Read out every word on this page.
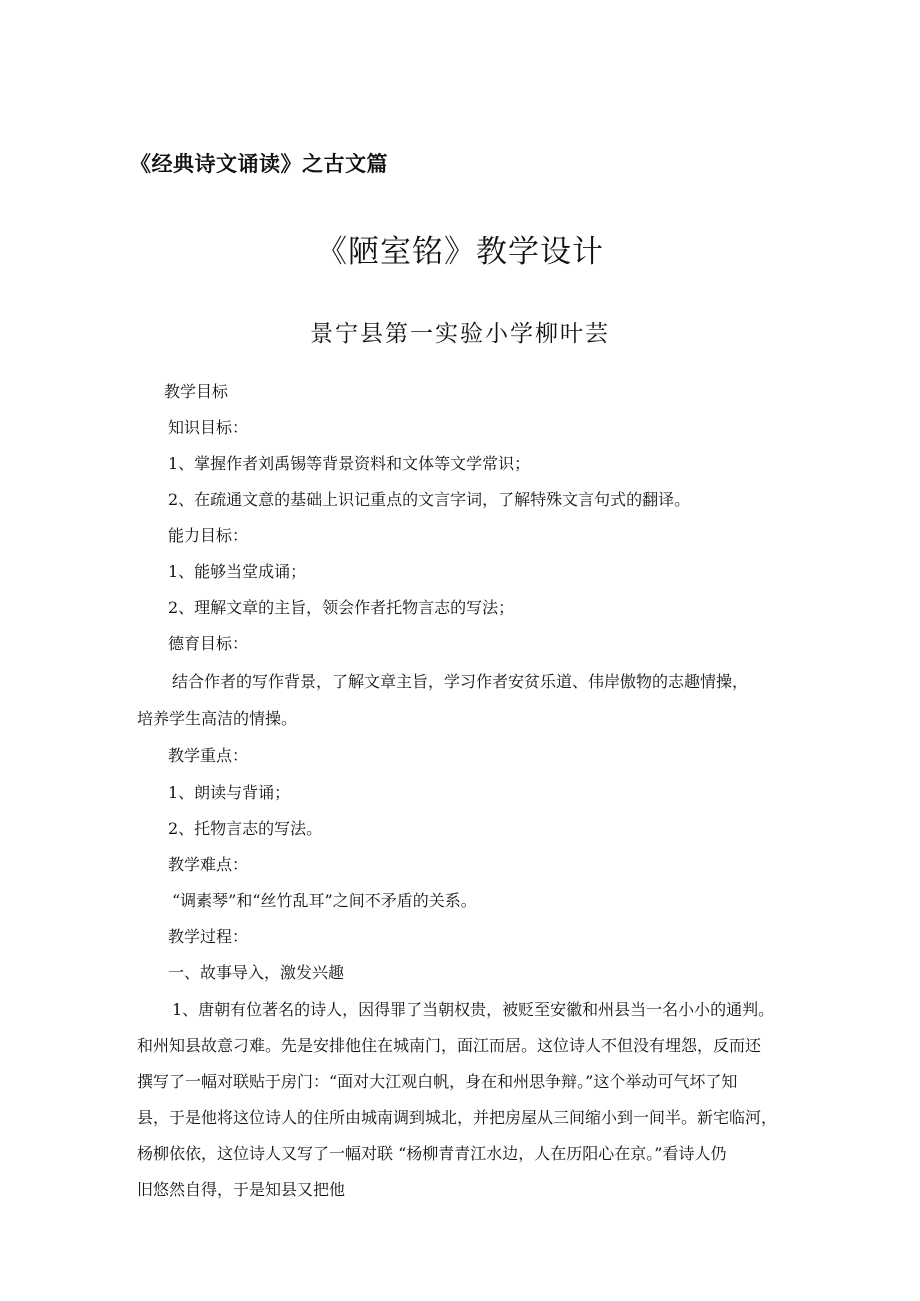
《经典诗文诵读》之古文篇
《陋室铭》教学设计
景宁县第一实验小学柳叶芸
教学目标
知识目标：
1、掌握作者刘禹锡等背景资料和文体等文学常识；
2、在疏通文意的基础上识记重点的文言字词，了解特殊文言句式的翻译。
能力目标：
1、能够当堂成诵；
2、理解文章的主旨，领会作者托物言志的写法；
德育目标：
结合作者的写作背景，了解文章主旨，学习作者安贫乐道、伟岸傲物的志趣情操，
培养学生高洁的情操。
教学重点：
1、朗读与背诵；
2、托物言志的写法。
教学难点：
“调素琴”和“丝竹乱耳”之间不矛盾的关系。
教学过程：
一、故事导入，激发兴趣
1、唐朝有位著名的诗人，因得罪了当朝权贵，被贬至安徽和州县当一名小小的通判。
和州知县故意刁难。先是安排他住在城南门，面江而居。这位诗人不但没有埋怨，反而还
撰写了一幅对联贴于房门：“面对大江观白帆，身在和州思争辩。”这个举动可气坏了知
县，于是他将这位诗人的住所由城南调到城北，并把房屋从三间缩小到一间半。新宅临河，
杨柳依依，这位诗人又写了一幅对联 “杨柳青青江水边，人在历阳心在京。”看诗人仍
旧悠然自得，于是知县又把他
